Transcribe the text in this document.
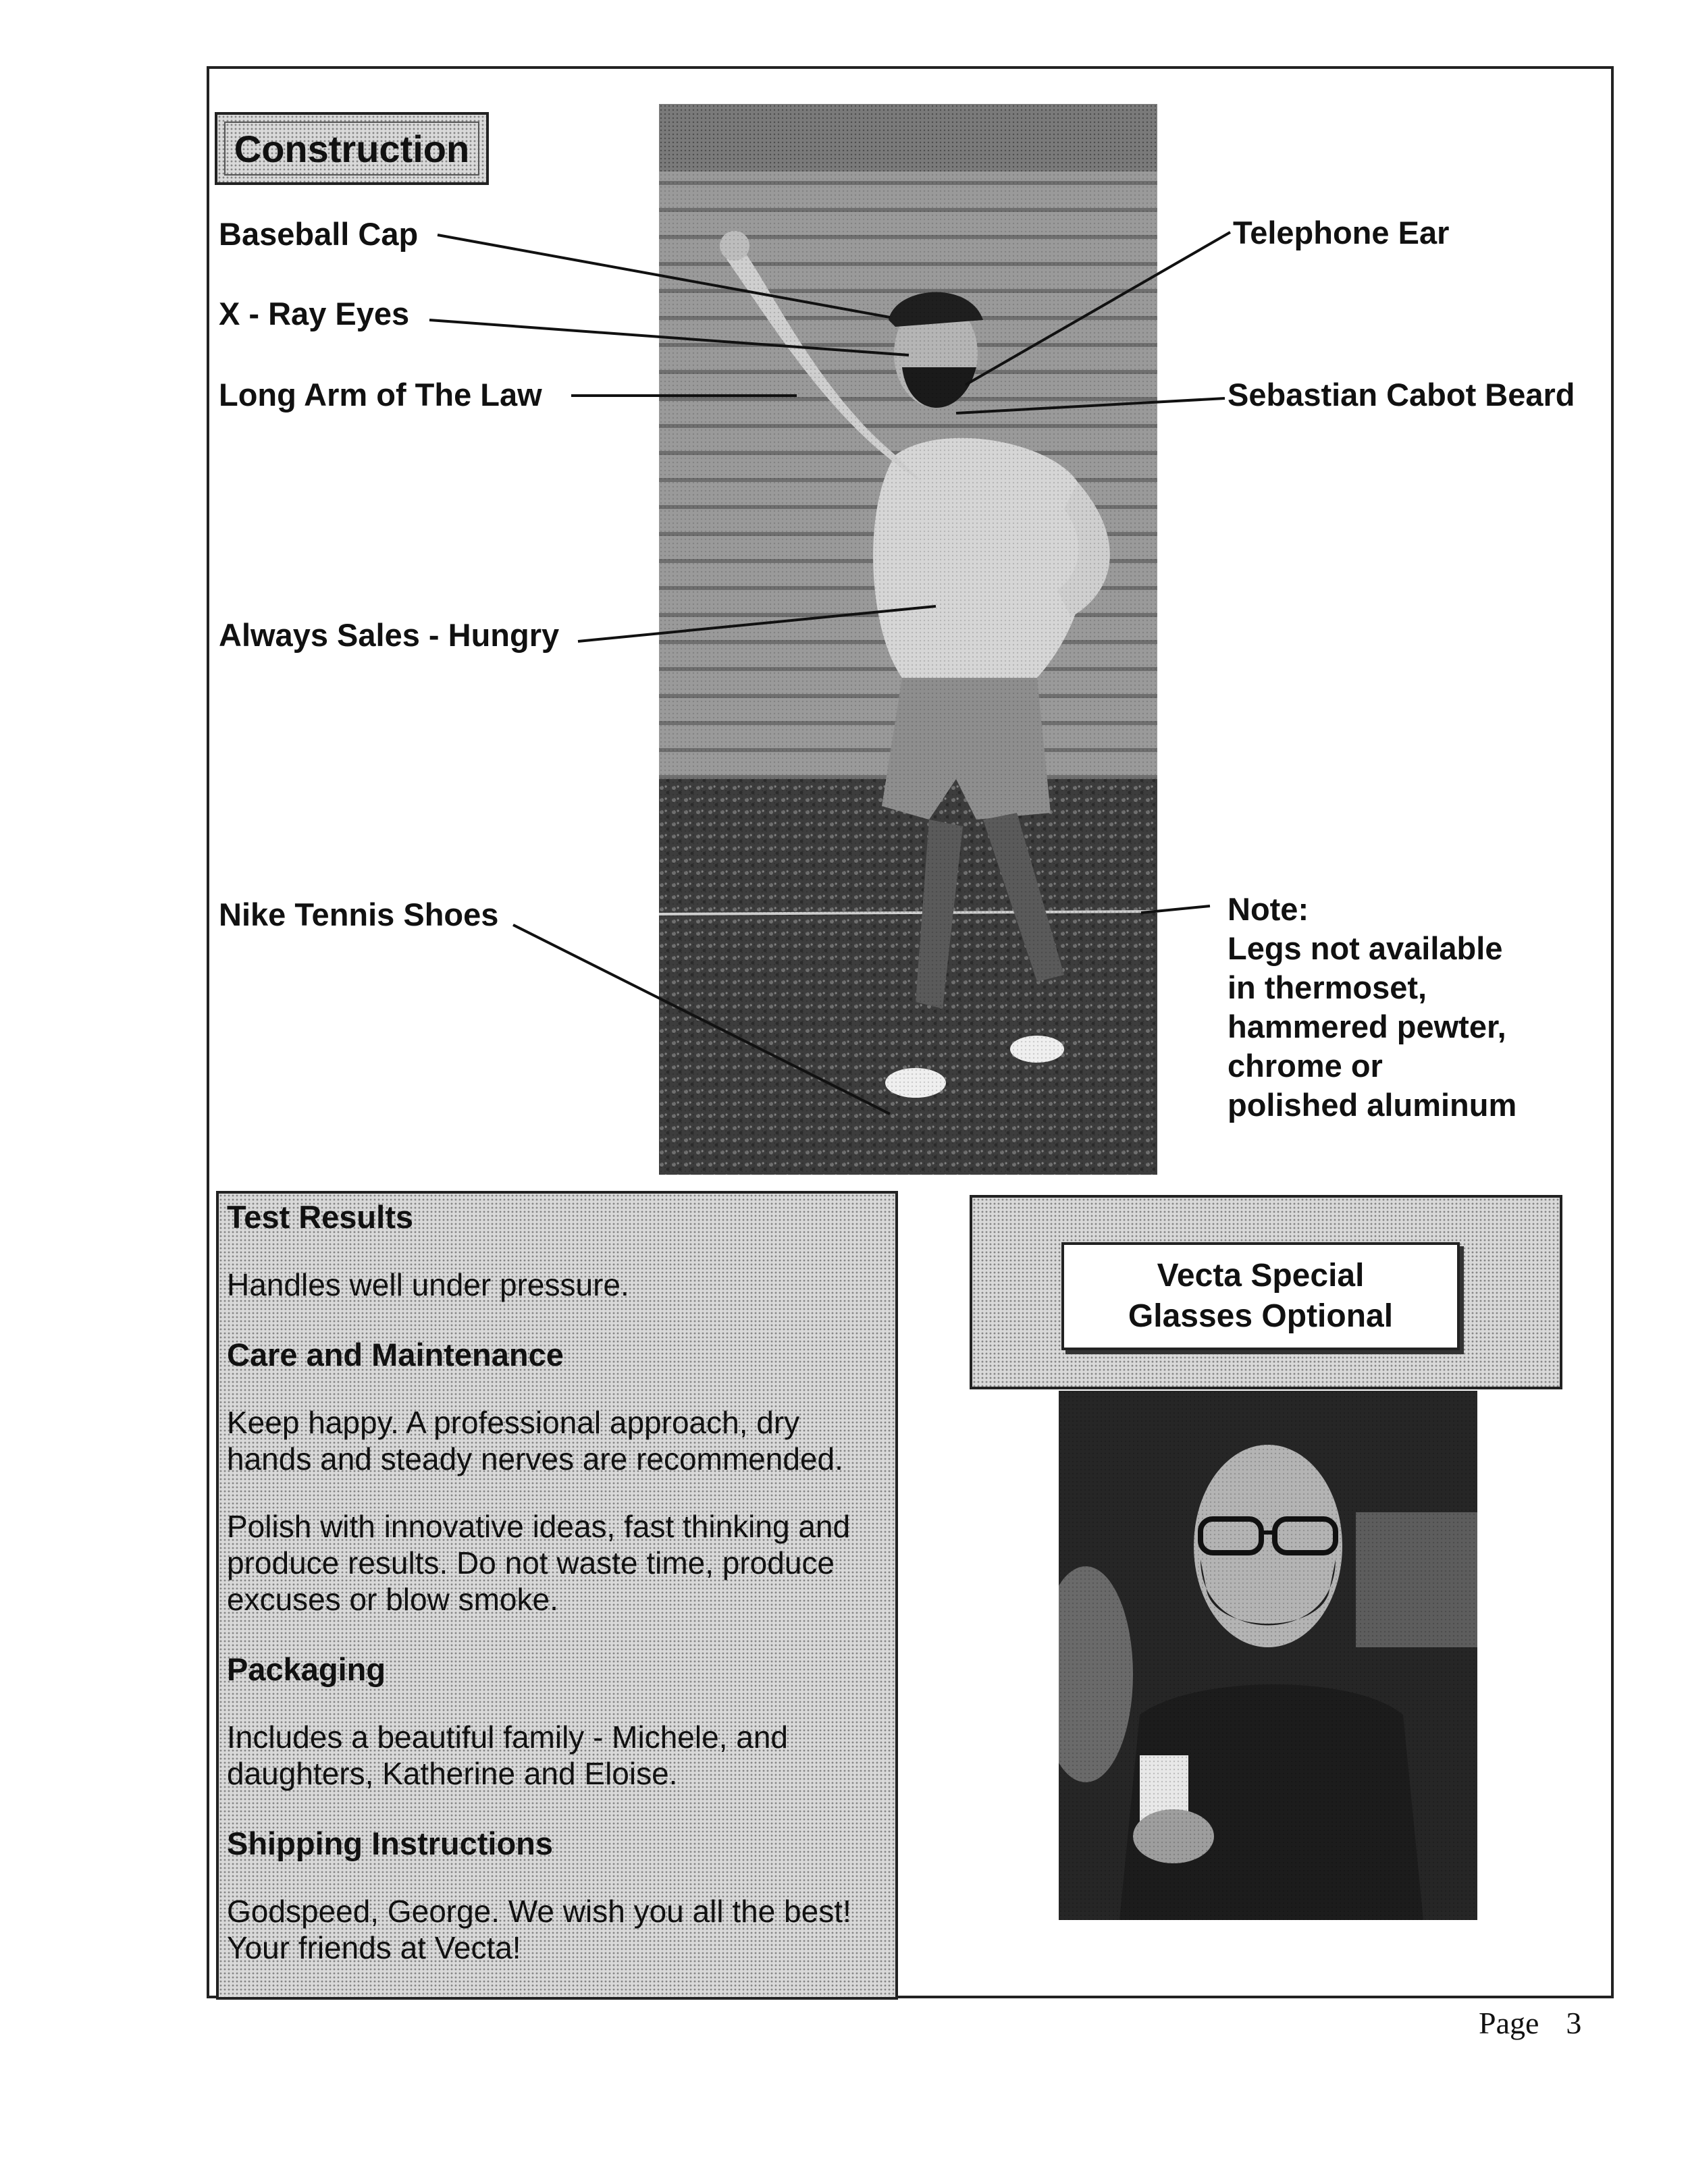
Construction
Baseball Cap
X - Ray Eyes
Long Arm of The Law
Always Sales - Hungry
Nike Tennis Shoes
Telephone Ear
Sebastian Cabot Beard
Note:
Legs not available
in thermoset,
hammered pewter,
chrome or
polished aluminum

Test Results

Handles well under pressure.

Care and Maintenance

Keep happy. A professional approach, dry
hands and steady nerves are recommended.

Polish with innovative ideas, fast thinking and
produce results. Do not waste time, produce
excuses or blow smoke.

Packaging

Includes a beautiful family - Michele, and
daughters, Katherine and Eloise.

Shipping Instructions

Godspeed, George. We wish you all the best!
Your friends at Vecta!

Vecta Special
Glasses Optional
Page 3
